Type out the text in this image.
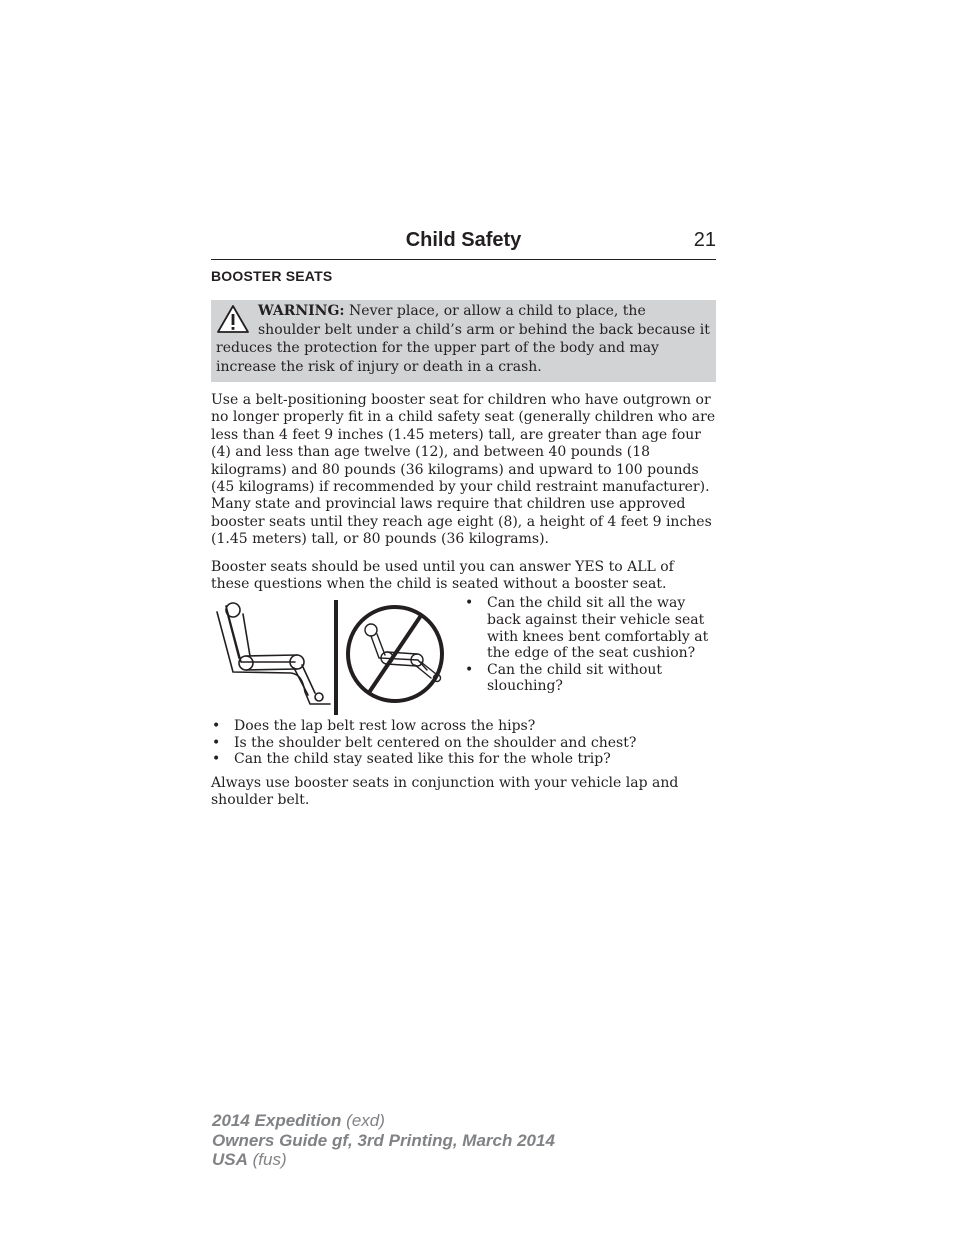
Child Safety	21
BOOSTER SEATS
WARNING: Never place, or allow a child to place, the shoulder belt under a child’s arm or behind the back because it reduces the protection for the upper part of the body and may increase the risk of injury or death in a crash.

Use a belt-positioning booster seat for children who have outgrown or no longer properly fit in a child safety seat (generally children who are less than 4 feet 9 inches (1.45 meters) tall, are greater than age four (4) and less than age twelve (12), and between 40 pounds (18 kilograms) and 80 pounds (36 kilograms) and upward to 100 pounds (45 kilograms) if recommended by your child restraint manufacturer). Many state and provincial laws require that children use approved booster seats until they reach age eight (8), a height of 4 feet 9 inches (1.45 meters) tall, or 80 pounds (36 kilograms).

Booster seats should be used until you can answer YES to ALL of these questions when the child is seated without a booster seat.

• Can the child sit all the way back against their vehicle seat with knees bent comfortably at the edge of the seat cushion?
• Can the child sit without slouching?
• Does the lap belt rest low across the hips?
• Is the shoulder belt centered on the shoulder and chest?
• Can the child stay seated like this for the whole trip?

Always use booster seats in conjunction with your vehicle lap and shoulder belt.

2014 Expedition (exd)
Owners Guide gf, 3rd Printing, March 2014
USA (fus)
